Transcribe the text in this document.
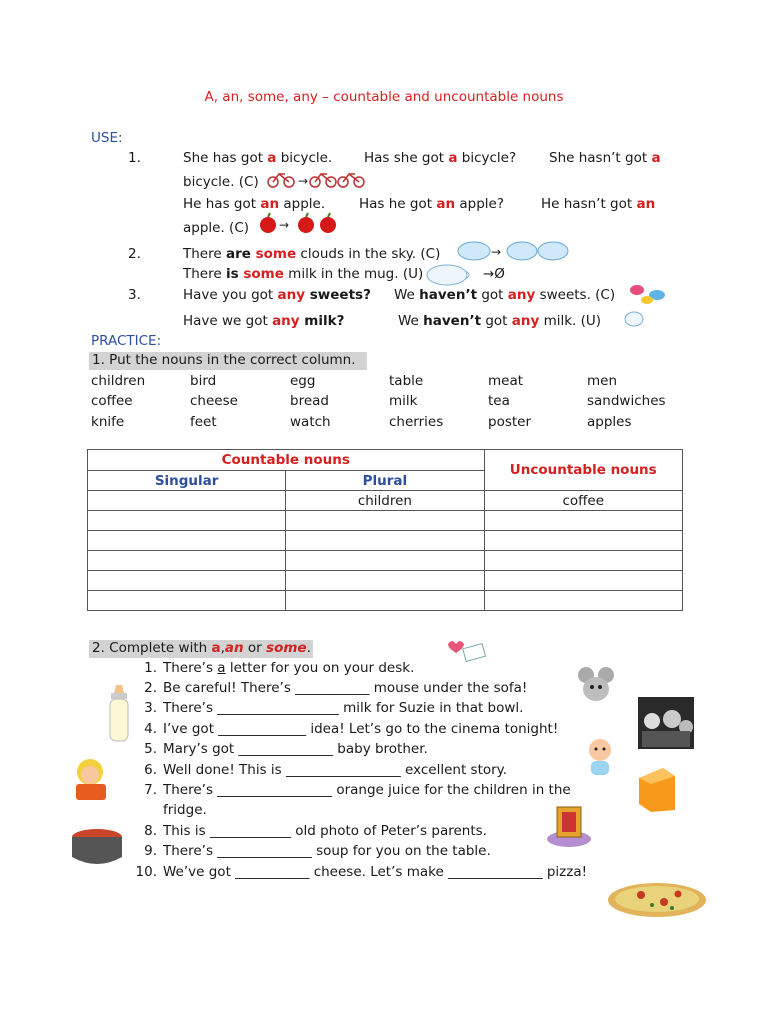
A, an, some, any – countable and uncountable nouns
USE:
1.	She has got a bicycle. Has she got a bicycle? She hasn’t got a
bicycle. (C)	→
He has got an apple.	Has he got an apple?	He hasn’t got an
apple. (C) →
2.	There are some clouds in the sky. (C)	→
There is some milk in the mug. (U)	→Ø
3.	Have you got any sweets? We haven’t got any sweets. (C)
Have we got any milk?	We haven’t got any milk. (U)
PRACTICE:
1. Put the nouns in the correct column.
children	bird	egg	table	meat	men
coffee	cheese	bread	milk	tea	sandwiches
knife	feet	watch	cherries	poster	apples
Countable nouns		Uncountable nouns
Singular	Plural	
	children	coffee

2. Complete with a,an or some.
1. There’s a letter for you on your desk.
2. Be careful! There’s ___________ mouse under the sofa!
3. There’s __________________ milk for Suzie in that bowl.
4. I’ve got _____________ idea! Let’s go to the cinema tonight!
5. Mary’s got ______________ baby brother.
6. Well done! This is _________________ excellent story.
7. There’s _________________ orange juice for the children in the
fridge.
8. This is ____________ old photo of Peter’s parents.
9. There’s ______________ soup for you on the table.
10. We’ve got ___________ cheese. Let’s make ______________ pizza!
